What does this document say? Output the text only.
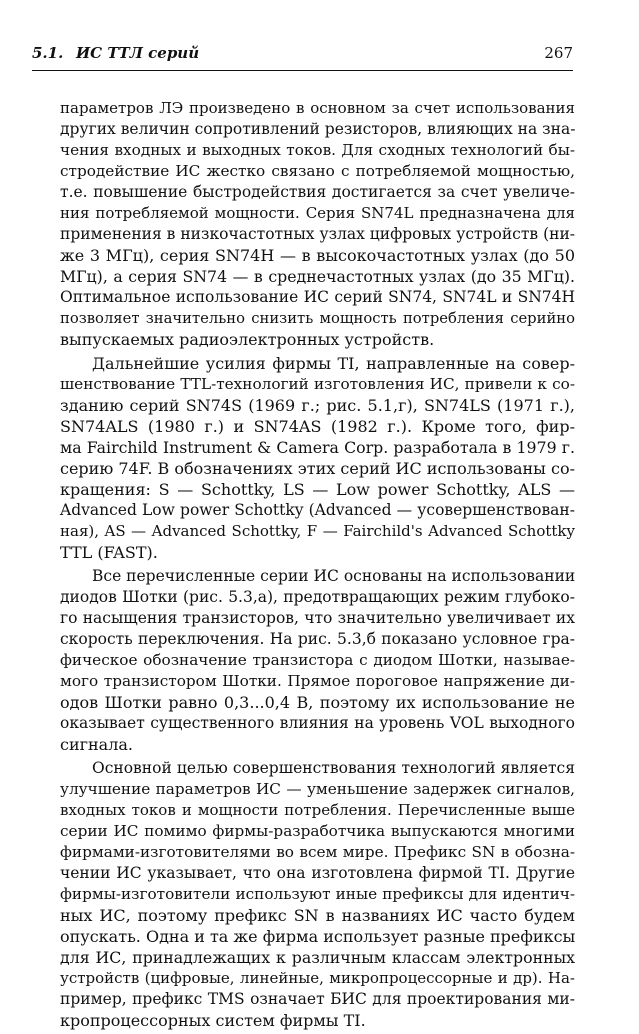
5.1. ИС ТТЛ серий	267
параметров ЛЭ произведено в основном за счет использования
других величин сопротивлений резисторов, влияющих на зна-
чения входных и выходных токов. Для сходных технологий бы-
стродействие ИС жестко связано с потребляемой мощностью,
т.е. повышение быстродействия достигается за счет увеличе-
ния потребляемой мощности. Серия SN74L предназначена для
применения в низкочастотных узлах цифровых устройств (ни-
же 3 МГц), серия SN74H — в высокочастотных узлах (до 50
МГц), а серия SN74 — в среднечастотных узлах (до 35 МГц).
Оптимальное использование ИС серий SN74, SN74L и SN74H
позволяет значительно снизить мощность потребления серийно
выпускаемых радиоэлектронных устройств.
Дальнейшие усилия фирмы TI, направленные на совер-
шенствование TTL-технологий изготовления ИС, привели к со-
зданию серий SN74S (1969 г.; рис. 5.1,г), SN74LS (1971 г.),
SN74ALS (1980 г.) и SN74AS (1982 г.). Кроме того, фир-
ма Fairchild Instrument & Camera Corp. разработала в 1979 г.
серию 74F. В обозначениях этих серий ИС использованы со-
кращения: S — Schottky, LS — Low power Schottky, ALS —
Advanced Low power Schottky (Advanced — усовершенствован-
ная), AS — Advanced Schottky, F — Fairchild's Advanced Schottky
TTL (FAST).
Все перечисленные серии ИС основаны на использовании
диодов Шотки (рис. 5.3,а), предотвращающих режим глубоко-
го насыщения транзисторов, что значительно увеличивает их
скорость переключения. На рис. 5.3,б показано условное гра-
фическое обозначение транзистора с диодом Шотки, называе-
мого транзистором Шотки. Прямое пороговое напряжение ди-
одов Шотки равно 0,3...0,4 В, поэтому их использование не
оказывает существенного влияния на уровень VOL выходного
сигнала.
Основной целью совершенствования технологий является
улучшение параметров ИС — уменьшение задержек сигналов,
входных токов и мощности потребления. Перечисленные выше
серии ИС помимо фирмы-разработчика выпускаются многими
фирмами-изготовителями во всем мире. Префикс SN в обозна-
чении ИС указывает, что она изготовлена фирмой TI. Другие
фирмы-изготовители используют иные префиксы для идентич-
ных ИС, поэтому префикс SN в названиях ИС часто будем
опускать. Одна и та же фирма использует разные префиксы
для ИС, принадлежащих к различным классам электронных
устройств (цифровые, линейные, микропроцессорные и др). На-
пример, префикс TMS означает БИС для проектирования ми-
кропроцессорных систем фирмы TI.
